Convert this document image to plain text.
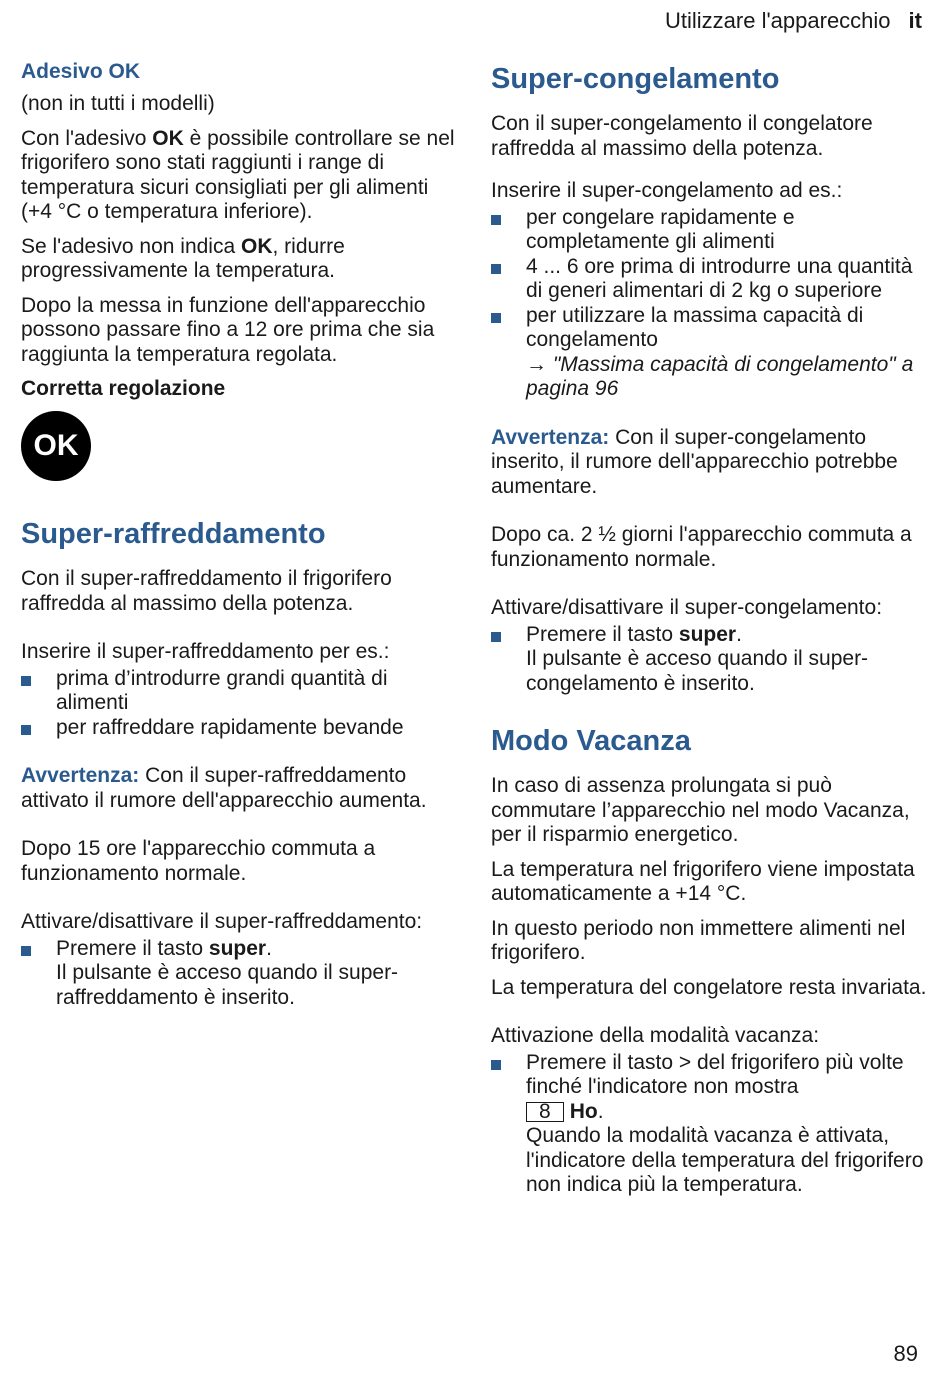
Utilizzare l'apparecchio it
Adesivo OK

(non in tutti i modelli)

Con l'adesivo OK è possibile controllare se nel frigorifero sono stati raggiunti i range di temperatura sicuri consigliati per gli alimenti (+4 °C o temperatura inferiore).

Se l'adesivo non indica OK, ridurre progressivamente la temperatura.

Dopo la messa in funzione dell'apparecchio possono passare fino a 12 ore prima che sia raggiunta la temperatura regolata.

Corretta regolazione
OK
Super-raffreddamento

Con il super-raffreddamento il frigorifero raffredda al massimo della potenza.

Inserire il super-raffreddamento per es.:

prima d’introdurre grandi quantità di alimenti
per raffreddare rapidamente bevande

Avvertenza: Con il super-raffreddamento attivato il rumore dell'apparecchio aumenta.

Dopo 15 ore l'apparecchio commuta a funzionamento normale.

Attivare/disattivare il super-raffreddamento:

Premere il tasto super.
Il pulsante è acceso quando il super-raffreddamento è inserito.
Super-congelamento

Con il super-congelamento il congelatore raffredda al massimo della potenza.

Inserire il super-congelamento ad es.:

per congelare rapidamente e completamente gli alimenti
4 ... 6 ore prima di introdurre una quantità di generi alimentari di 2 kg o superiore
per utilizzare la massima capacità di congelamento
→ "Massima capacità di congelamento" a pagina 96

Avvertenza: Con il super-congelamento inserito, il rumore dell'apparecchio potrebbe aumentare.

Dopo ca. 2 ½ giorni l'apparecchio commuta a funzionamento normale.

Attivare/disattivare il super-congelamento:

Premere il tasto super.
Il pulsante è acceso quando il super-congelamento è inserito.
Modo Vacanza

In caso di assenza prolungata si può commutare l’apparecchio nel modo Vacanza, per il risparmio energetico.

La temperatura nel frigorifero viene impostata automaticamente a +14 °C.

In questo periodo non immettere alimenti nel frigorifero.

La temperatura del congelatore resta invariata.

Attivazione della modalità vacanza:

Premere il tasto > del frigorifero più volte finché l'indicatore non mostra
8 Ho.
Quando la modalità vacanza è attivata, l'indicatore della temperatura del frigorifero non indica più la temperatura.
89
